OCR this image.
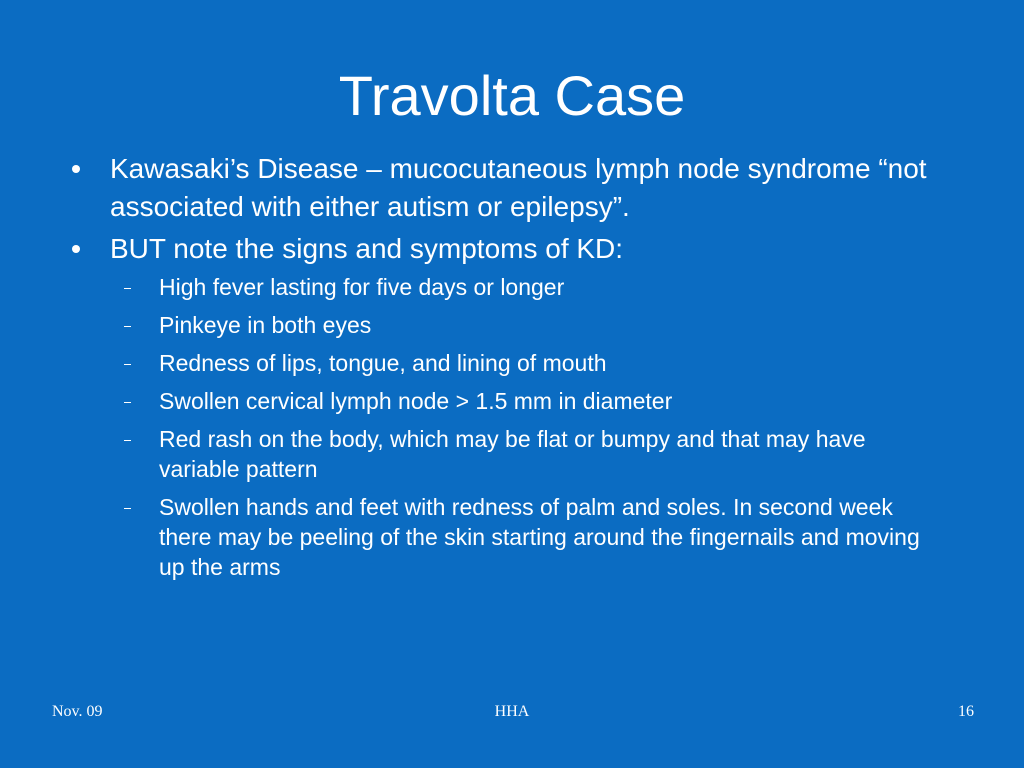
Travolta Case
Kawasaki’s Disease – mucocutaneous lymph node syndrome “not associated with either autism or epilepsy”.
BUT note the signs and symptoms of KD:
High fever lasting for five days or longer
Pinkeye in both eyes
Redness of lips, tongue, and lining of mouth
Swollen cervical lymph node > 1.5 mm in diameter
Red rash on the body, which may be flat or bumpy and that may have variable pattern
Swollen hands and feet with redness of palm and soles. In second week there may be peeling of the skin starting around the fingernails and moving up the arms
Nov. 09	HHA	16
